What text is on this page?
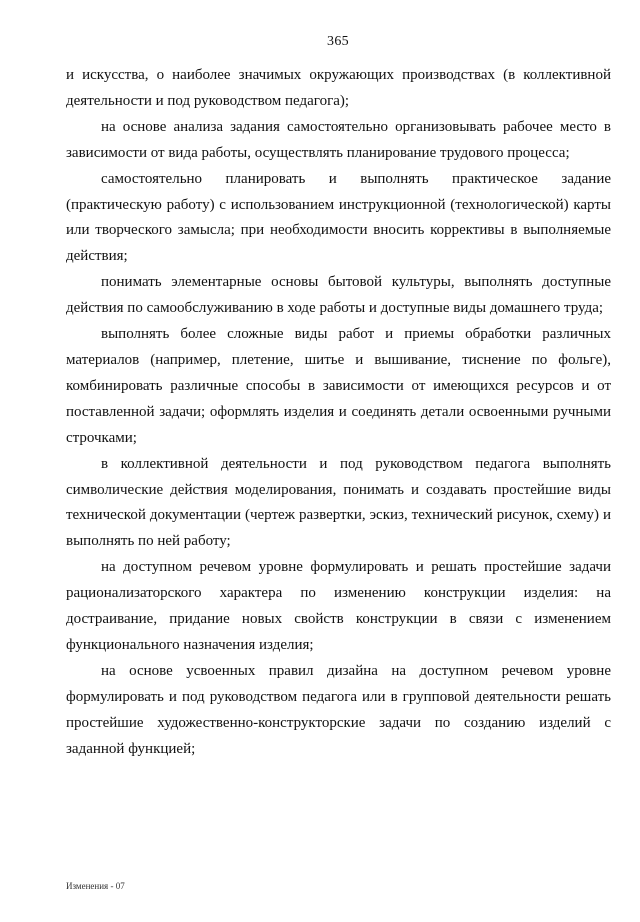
365

и искусства, о наиболее значимых окружающих производствах (в коллективной деятельности и под руководством педагога);

на основе анализа задания самостоятельно организовывать рабочее место в зависимости от вида работы, осуществлять планирование трудового процесса;

самостоятельно планировать и выполнять практическое задание (практическую работу) с использованием инструкционной (технологической) карты или творческого замысла; при необходимости вносить коррективы в выполняемые действия;

понимать элементарные основы бытовой культуры, выполнять доступные действия по самообслуживанию в ходе работы и доступные виды домашнего труда;

выполнять более сложные виды работ и приемы обработки различных материалов (например, плетение, шитье и вышивание, тиснение по фольге), комбинировать различные способы в зависимости от имеющихся ресурсов и от поставленной задачи; оформлять изделия и соединять детали освоенными ручными строчками;

в коллективной деятельности и под руководством педагога выполнять символические действия моделирования, понимать и создавать простейшие виды технической документации (чертеж развертки, эскиз, технический рисунок, схему) и выполнять по ней работу;

на доступном речевом уровне формулировать и решать простейшие задачи рационализаторского характера по изменению конструкции изделия: на достраивание, придание новых свойств конструкции в связи с изменением функционального назначения изделия;

на основе усвоенных правил дизайна на доступном речевом уровне формулировать и под руководством педагога или в групповой деятельности решать простейшие художественно-конструкторские задачи по созданию изделий с заданной функцией;

Изменения - 07
